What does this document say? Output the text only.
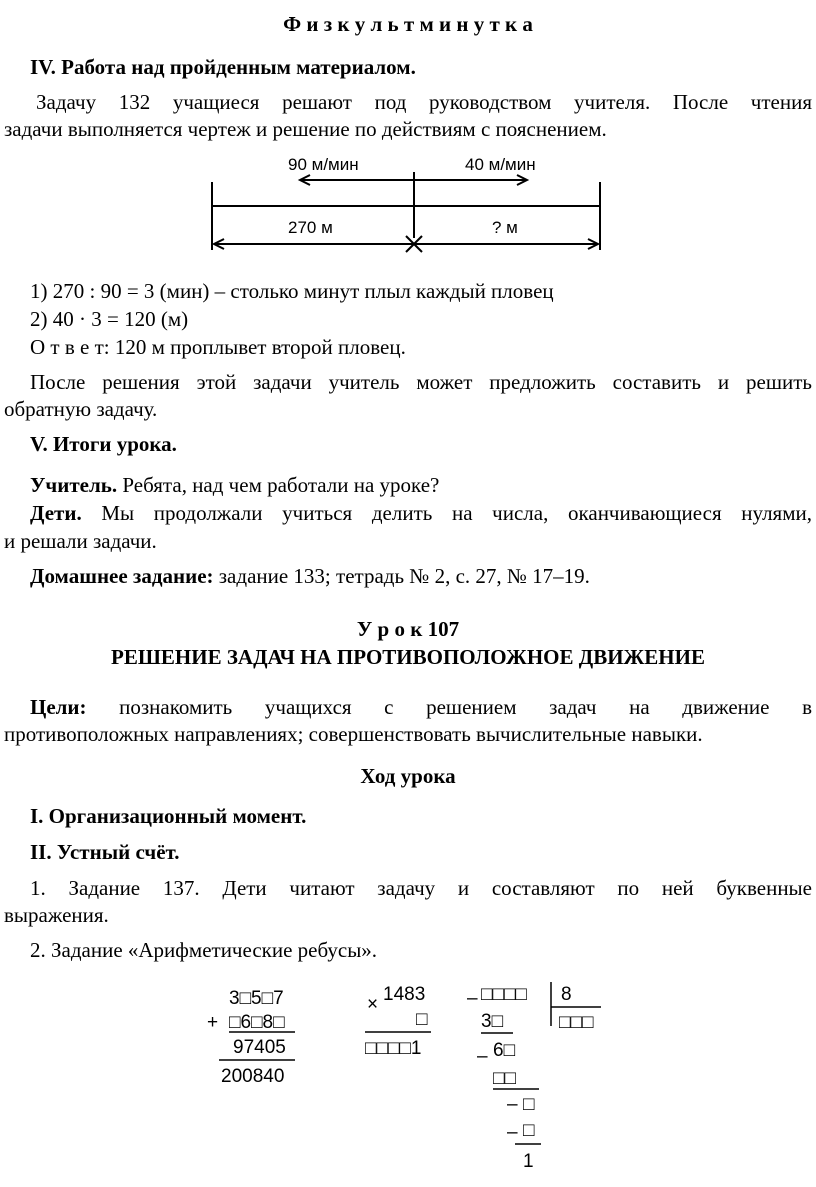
Ф и з к у л ь т м и н у т к а
IV. Работа над пройденным материалом.
Задачу 132 учащиеся решают под руководством учителя. После чтения
задачи выполняется чертеж и решение по действиям с пояснением.
90 м/мин	40 м/мин
270 м	? м
1) 270 : 90 = 3 (мин) – столько минут плыл каждый пловец
2) 40 · 3 = 120 (м)
О т в е т: 120 м проплывет второй пловец.
После решения этой задачи учитель может предложить составить и решить
обратную задачу.
V. Итоги урока.
Учитель. Ребята, над чем работали на уроке?
Дети. Мы продолжали учиться делить на числа, оканчивающиеся нулями,
и решали задачи.
Домашнее задание: задание 133; тетрадь № 2, с. 27, № 17–19.
У р о к 107
РЕШЕНИЕ ЗАДАЧ НА ПРОТИВОПОЛОЖНОЕ ДВИЖЕНИЕ
Цели: познакомить учащихся с решением задач на движение в
противоположных направлениях; совершенствовать вычислительные навыки.
Ход урока
I. Организационный момент.
II. Устный счёт.
1. Задание 137. Дети читают задачу и составляют по ней буквенные
выражения.
2. Задание «Арифметические ребусы».
3□5□7
+ □6□8□
97405
200840
× 1483
□
□□□□1
– □□□□ 8
□□□
3□
– 6□
□□
– □
– □
1
